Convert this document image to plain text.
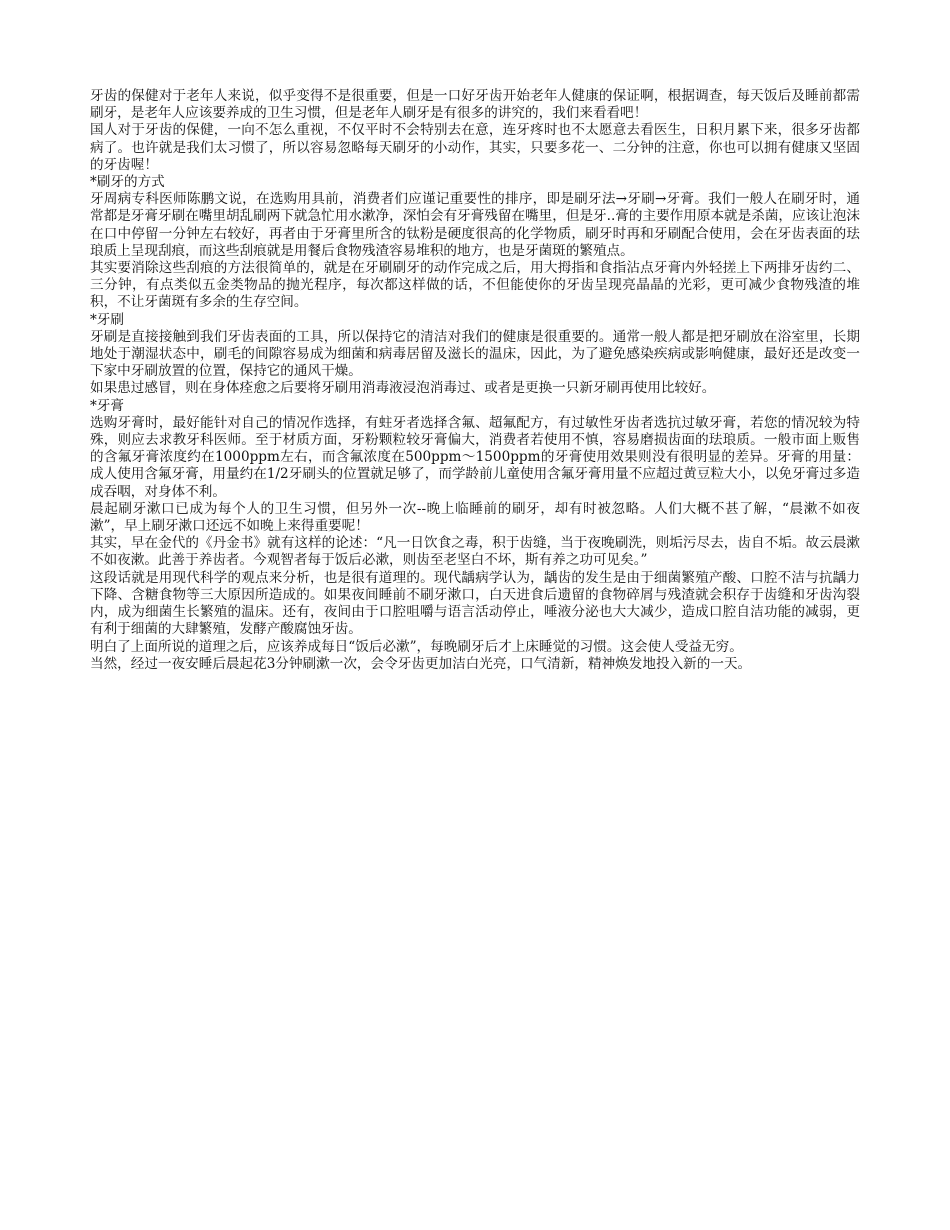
牙齿的保健对于老年人来说，似乎变得不是很重要，但是一口好牙齿开始老年人健康的保证啊，根据调查，每天饭后及睡前都需刷牙，是老年人应该要养成的卫生习惯，但是老年人刷牙是有很多的讲究的，我们来看看吧！

国人对于牙齿的保健，一向不怎么重视，不仅平时不会特别去在意，连牙疼时也不太愿意去看医生，日积月累下来，很多牙齿都病了。也许就是我们太习惯了，所以容易忽略每天刷牙的小动作，其实，只要多花一、二分钟的注意，你也可以拥有健康又坚固的牙齿喔！

*刷牙的方式

牙周病专科医师陈鹏文说，在选购用具前，消费者们应谨记重要性的排序，即是刷牙法→牙刷→牙膏。我们一般人在刷牙时，通常都是牙膏牙刷在嘴里胡乱刷两下就急忙用水漱净，深怕会有牙膏残留在嘴里，但是牙..膏的主要作用原本就是杀菌，应该让泡沫在口中停留一分钟左右较好，再者由于牙膏里所含的钛粉是硬度很高的化学物质，刷牙时再和牙刷配合使用，会在牙齿表面的珐琅质上呈现刮痕，而这些刮痕就是用餐后食物残渣容易堆积的地方，也是牙菌斑的繁殖点。

其实要消除这些刮痕的方法很简单的，就是在牙刷刷牙的动作完成之后，用大拇指和食指沾点牙膏内外轻搓上下两排牙齿约二、三分钟，有点类似五金类物品的抛光程序，每次都这样做的话，不但能使你的牙齿呈现亮晶晶的光彩，更可减少食物残渣的堆积，不让牙菌斑有多余的生存空间。

*牙刷

牙刷是直接接触到我们牙齿表面的工具，所以保持它的清洁对我们的健康是很重要的。通常一般人都是把牙刷放在浴室里，长期地处于潮湿状态中，刷毛的间隙容易成为细菌和病毒居留及滋长的温床，因此，为了避免感染疾病或影响健康，最好还是改变一下家中牙刷放置的位置，保持它的通风干燥。

如果患过感冒，则在身体痊愈之后要将牙刷用消毒液浸泡消毒过、或者是更换一只新牙刷再使用比较好。

*牙膏

选购牙膏时，最好能针对自己的情况作选择，有蛀牙者选择含氟、超氟配方，有过敏性牙齿者选抗过敏牙膏，若您的情况较为特殊，则应去求教牙科医师。至于材质方面，牙粉颗粒较牙膏偏大，消费者若使用不慎，容易磨损齿面的珐琅质。一般市面上贩售的含氟牙膏浓度约在1000ppm左右，而含氟浓度在500ppm～1500ppm的牙膏使用效果则没有很明显的差异。牙膏的用量：成人使用含氟牙膏，用量约在1/2牙刷头的位置就足够了，而学龄前儿童使用含氟牙膏用量不应超过黄豆粒大小，以免牙膏过多造成吞咽，对身体不利。

晨起刷牙漱口已成为每个人的卫生习惯，但另外一次--晚上临睡前的刷牙，却有时被忽略。人们大概不甚了解，“晨漱不如夜漱”，早上刷牙漱口还远不如晚上来得重要呢！

其实，早在金代的《丹金书》就有这样的论述：“凡一日饮食之毒，积于齿缝，当于夜晚刷洗，则垢污尽去，齿自不垢。故云晨漱不如夜漱。此善于养齿者。今观智者每于饭后必漱，则齿至老坚白不坏，斯有养之功可见矣。”

这段话就是用现代科学的观点来分析，也是很有道理的。现代龋病学认为，龋齿的发生是由于细菌繁殖产酸、口腔不洁与抗龋力下降、含糖食物等三大原因所造成的。如果夜间睡前不刷牙漱口，白天进食后遗留的食物碎屑与残渣就会积存于齿缝和牙齿沟裂内，成为细菌生长繁殖的温床。还有，夜间由于口腔咀嚼与语言活动停止，唾液分泌也大大减少，造成口腔自洁功能的减弱，更有利于细菌的大肆繁殖，发酵产酸腐蚀牙齿。

明白了上面所说的道理之后，应该养成每日“饭后必漱”，每晚刷牙后才上床睡觉的习惯。这会使人受益无穷。

当然，经过一夜安睡后晨起花3分钟刷漱一次，会令牙齿更加洁白光亮，口气清新，精神焕发地投入新的一天。
